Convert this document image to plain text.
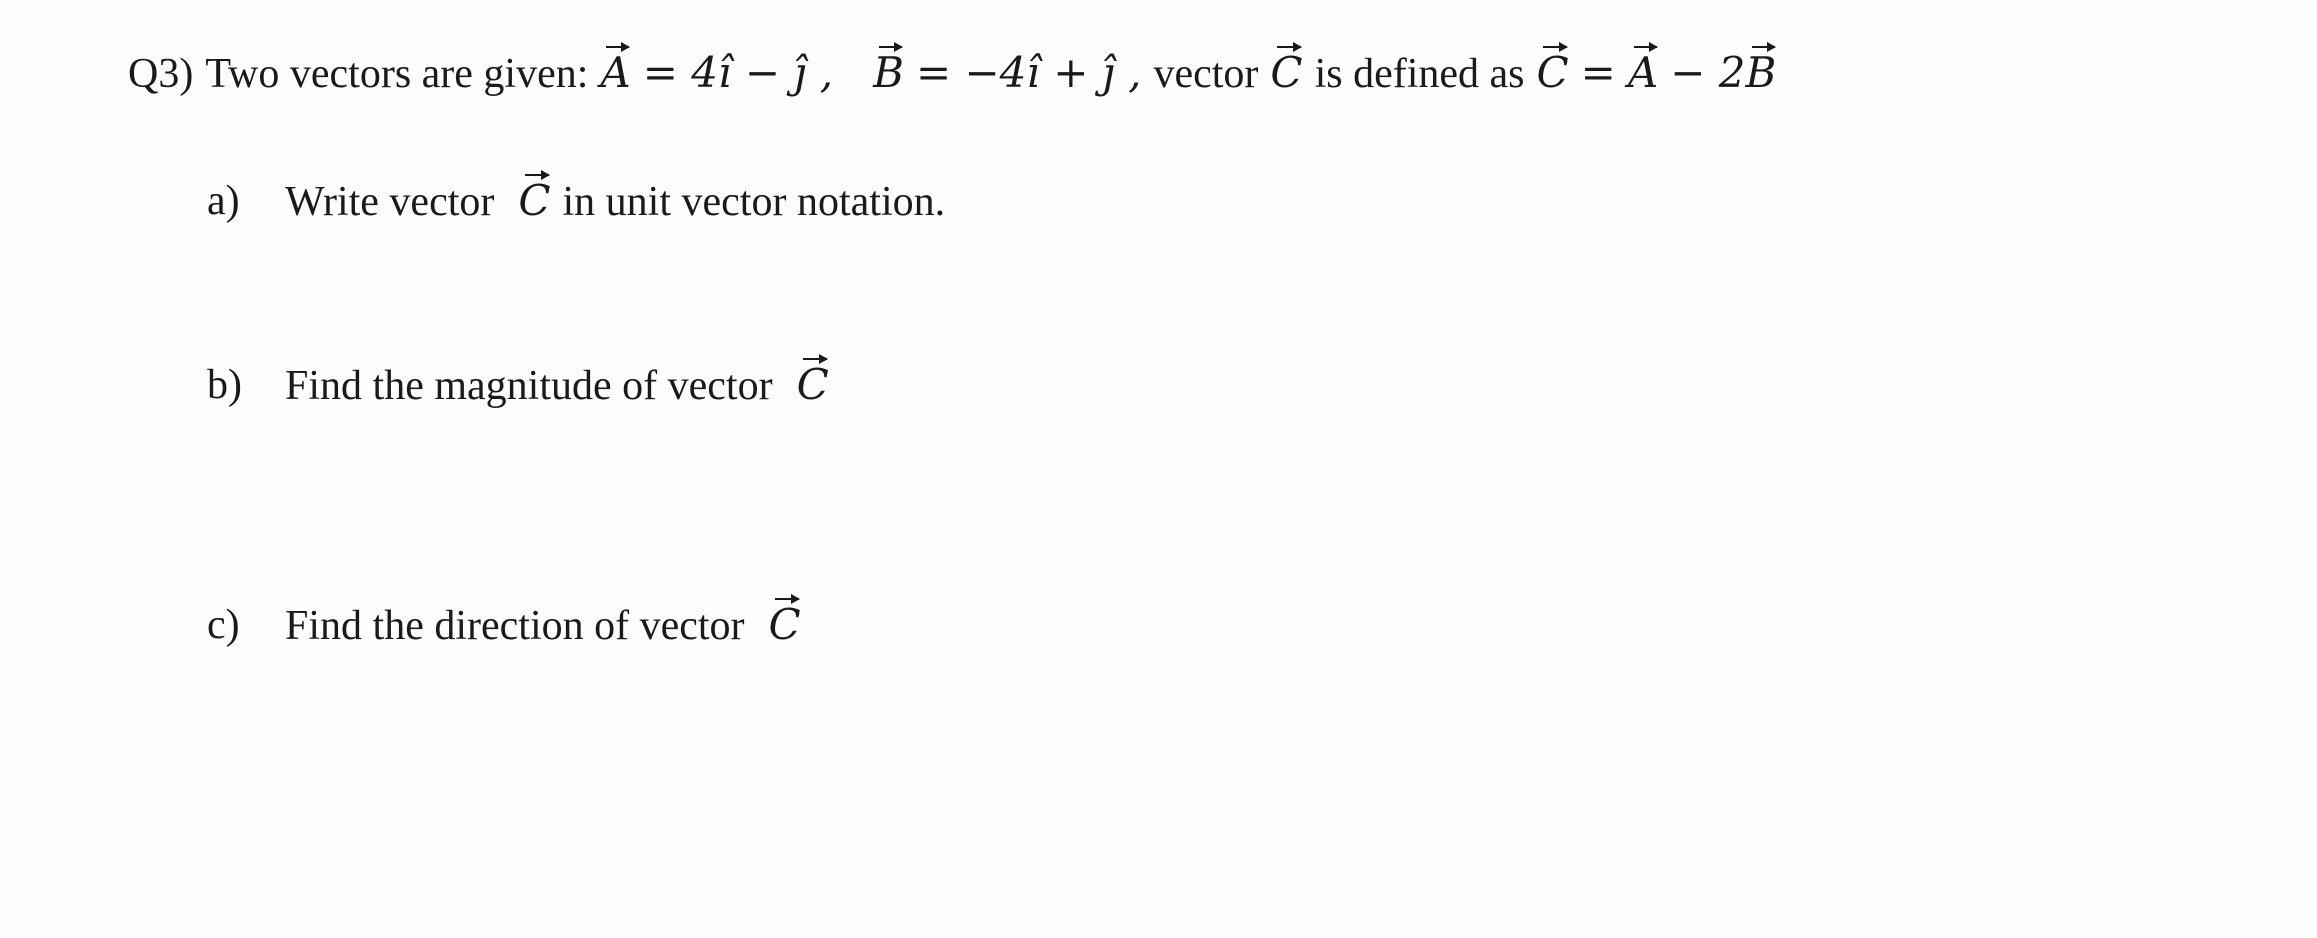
Q3) Two vectors are given: A = 4î − ĵ , B = −4î + ĵ , vector C is defined as C = A − 2B
a) Write vector C in unit vector notation.
b) Find the magnitude of vector C
c) Find the direction of vector C
